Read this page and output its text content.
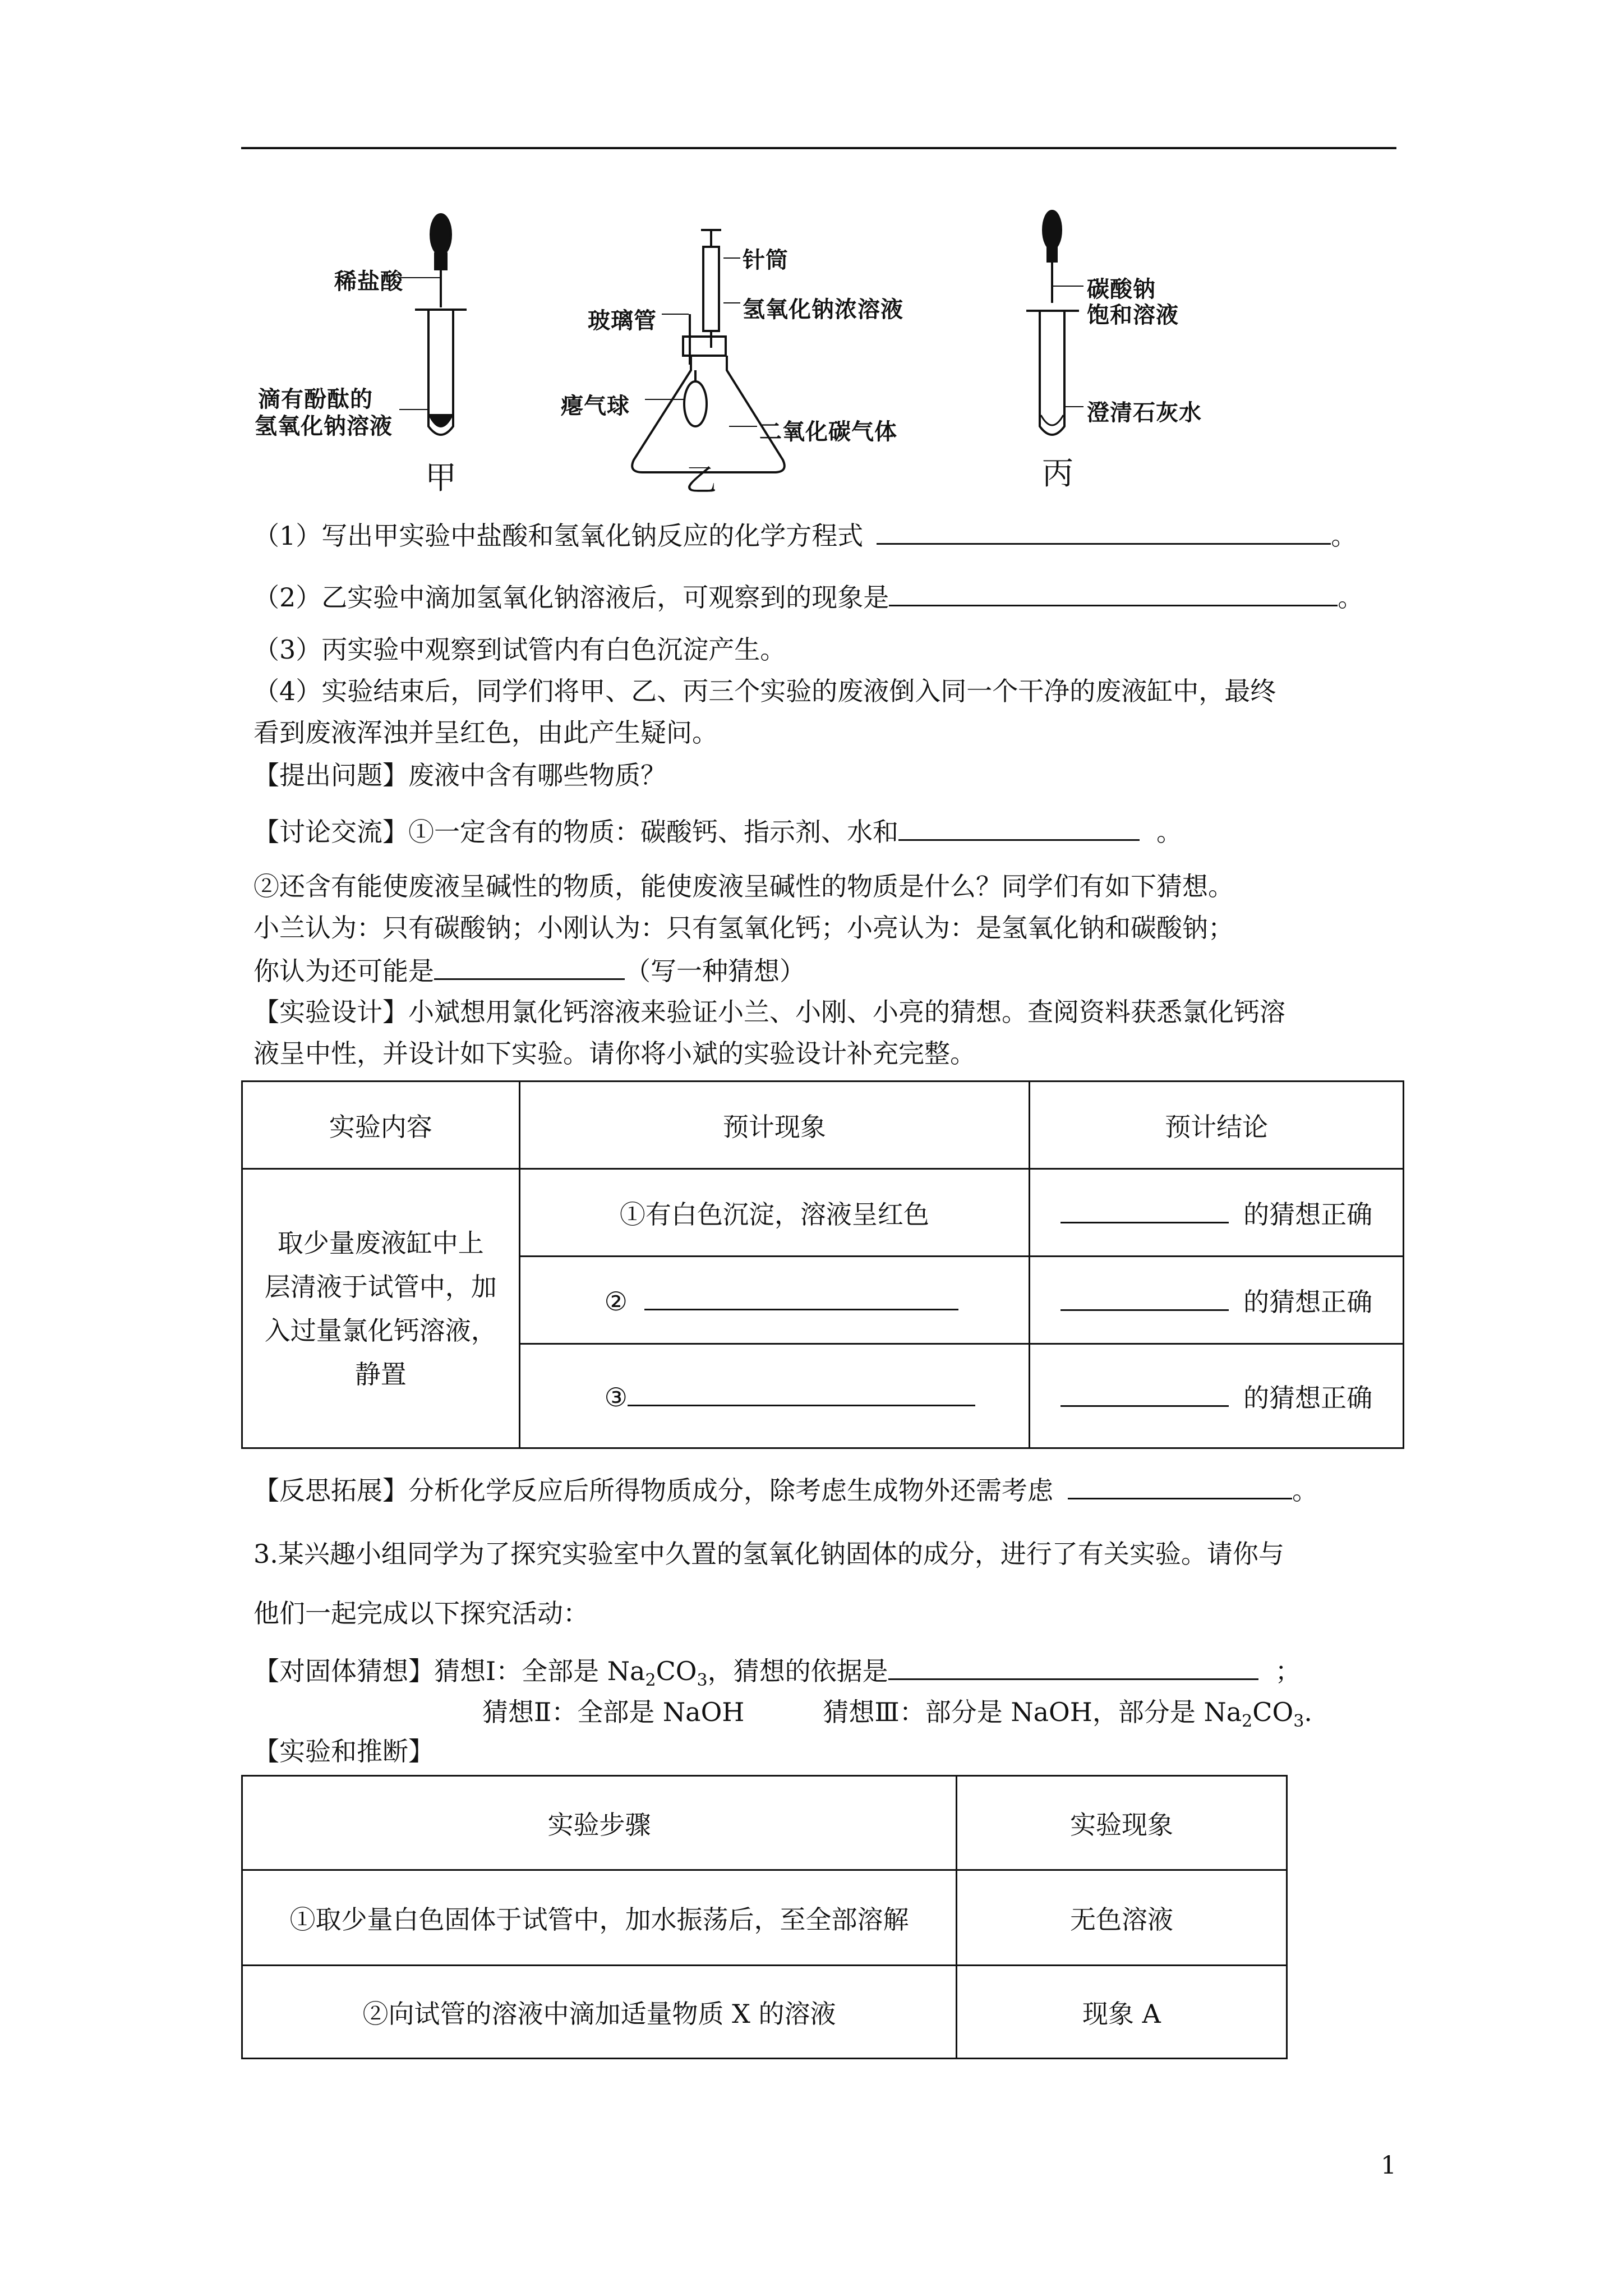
稀盐酸
滴有酚酞的
氢氧化钠溶液
甲
针筒
玻璃管	氢氧化钠浓溶液
瘪气球
二氧化碳气体
乙
碳酸钠
饱和溶液
澄清石灰水
丙
（1）写出甲实验中盐酸和氢氧化钠反应的化学方程式	。
（2）乙实验中滴加氢氧化钠溶液后，可观察到的现象是	。
（3）丙实验中观察到试管内有白色沉淀产生。
（4）实验结束后，同学们将甲、乙、丙三个实验的废液倒入同一个干净的废液缸中，最终
看到废液浑浊并呈红色，由此产生疑问。
【提出问题】废液中含有哪些物质？
【讨论交流】①一定含有的物质：碳酸钙、指示剂、水和	。
②还含有能使废液呈碱性的物质，能使废液呈碱性的物质是什么？同学们有如下猜想。
小兰认为：只有碳酸钠；小刚认为：只有氢氧化钙；小亮认为：是氢氧化钠和碳酸钠；
你认为还可能是	（写一种猜想）
【实验设计】小斌想用氯化钙溶液来验证小兰、小刚、小亮的猜想。查阅资料获悉氯化钙溶
液呈中性，并设计如下实验。请你将小斌的实验设计补充完整。
实验内容	预计现象	预计结论

取少量废液缸中上
层清液于试管中，加
入过量氯化钙溶液，
静置	①有白色沉淀，溶液呈红色	的猜想正确
	②	的猜想正确
	③	的猜想正确
【反思拓展】分析化学反应后所得物质成分，除考虑生成物外还需考虑	。
3.某兴趣小组同学为了探究实验室中久置的氢氧化钠固体的成分，进行了有关实验。请你与
他们一起完成以下探究活动：
【对固体猜想】猜想Ⅰ：全部是 $Na_2CO_3$，猜想的依据是	；
猜想Ⅱ：全部是 NaOH	猜想Ⅲ：部分是 NaOH，部分是 $Na_2CO_3$.
【实验和推断】
实验步骤	实验现象
①取少量白色固体于试管中，加水振荡后，至全部溶解	无色溶液
②向试管的溶液中滴加适量物质 X 的溶液	现象 A
1
